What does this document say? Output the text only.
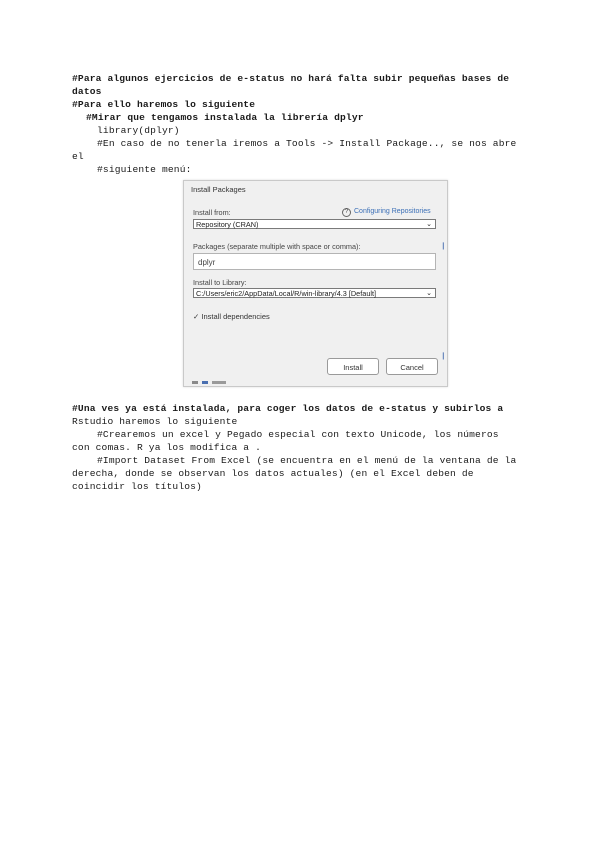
#Para algunos ejercicios de e-status no hará falta subir pequeñas bases de
datos
#Para ello haremos lo siguiente
#Mirar que tengamos instalada la librería dplyr
library(dplyr)
#En caso de no tenerla iremos a Tools -> Install Package.., se nos abre
el
#siguiente menú:
Install Packages
Install from:	? Configuring Repositories
Repository (CRAN)	⌄
Packages (separate multiple with space or comma):
dplyr
Install to Library:
C:/Users/eric2/AppData/Local/R/win-library/4.3 [Default]	⌄
✓ Install dependencies
Install	Cancel
┃
┃
#Una ves ya está instalada, para coger los datos de e-status y subirlos a
Rstudio haremos lo siguiente
#Crearemos un excel y Pegado especial con texto Unicode, los números
con comas. R ya los modifica a .
#Import Dataset From Excel (se encuentra en el menú de la ventana de la
derecha, donde se observan los datos actuales) (en el Excel deben de
coincidir los títulos)
